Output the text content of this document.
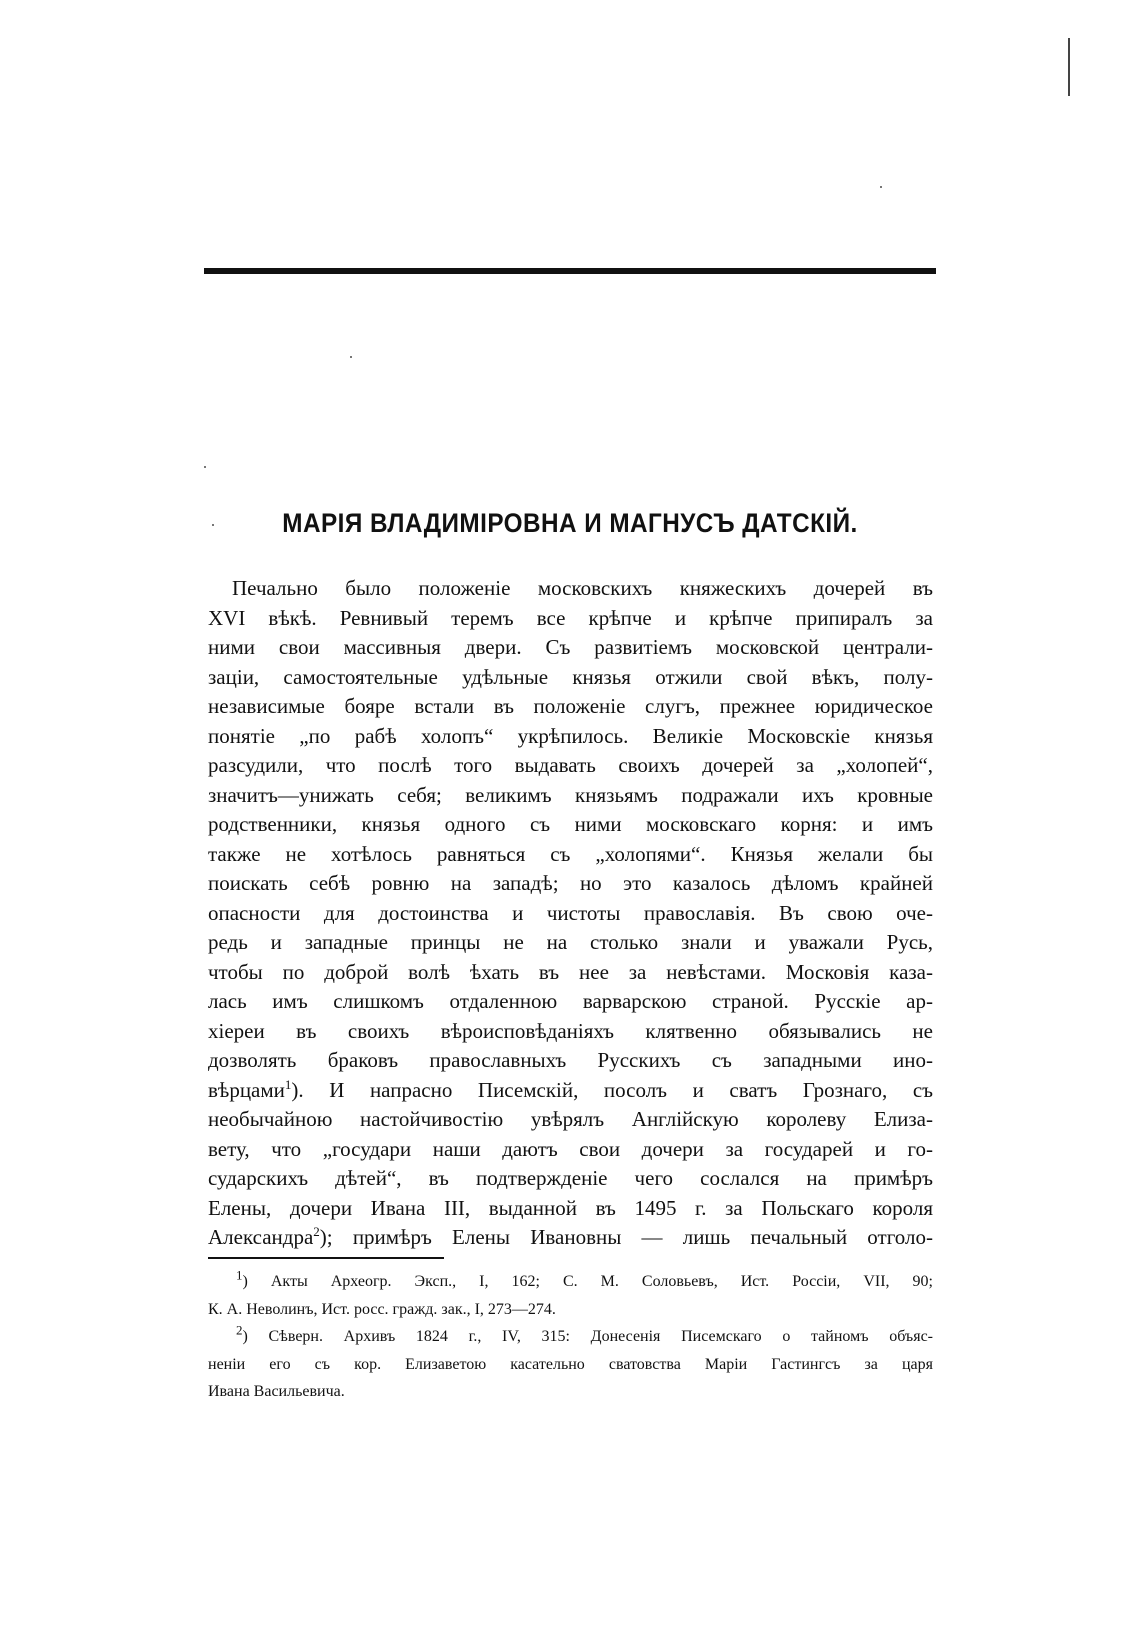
МАРІЯ ВЛАДИМІРОВНА И МАГНУСЪ ДАТСКІЙ.
Печально было положеніе московскихъ княжескихъ дочерей въ
XVI вѣкѣ. Ревнивый теремъ все крѣпче и крѣпче припиралъ за
ними свои массивныя двери. Съ развитіемъ московской централи-
заціи, самостоятельные удѣльные князья отжили свой вѣкъ, полу-
независимые бояре встали въ положеніе слугъ, прежнее юридическое
понятіе „по рабѣ холопъ“ укрѣпилось. Великіе Московскіе князья
разсудили, что послѣ того выдавать своихъ дочерей за „холопей“,
значитъ—унижать себя; великимъ князьямъ подражали ихъ кровные
родственники, князья одного съ ними московскаго корня: и имъ
также не хотѣлось равняться съ „холопями“. Князья желали бы
поискать себѣ ровню на западѣ; но это казалось дѣломъ крайней
опасности для достоинства и чистоты православія. Въ свою оче-
редь и западные принцы не на столько знали и уважали Русь,
чтобы по доброй волѣ ѣхать въ нее за невѣстами. Московія каза-
лась имъ слишкомъ отдаленною варварскою страной. Русскіе ар-
хіереи въ своихъ вѣроисповѣданіяхъ клятвенно обязывались не
дозволять браковъ православныхъ Русскихъ съ западными ино-
вѣрцами$^1$). И напрасно Писемскій, посолъ и сватъ Грознаго, съ
необычайною настойчивостію увѣрялъ Англійскую королеву Елиза-
вету, что „государи наши даютъ свои дочери за государей и го-
сударскихъ дѣтей“, въ подтвержденіе чего сослался на примѣръ
Елены, дочери Ивана III, выданной въ 1495 г. за Польскаго короля
Александра$^2$); примѣръ Елены Ивановны — лишь печальный отголо-
$^1$) Акты Археогр. Эксп., I, 162; С. М. Соловьевъ, Ист. Россіи, VII, 90;
К. А. Неволинъ, Ист. росс. гражд. зак., I, 273—274.
$^2$) Сѣверн. Архивъ 1824 г., IV, 315: Донесенія Писемскаго о тайномъ объяс-
неніи его съ кор. Елизаветою касательно сватовства Маріи Гастингсъ за царя
Ивана Васильевича.
